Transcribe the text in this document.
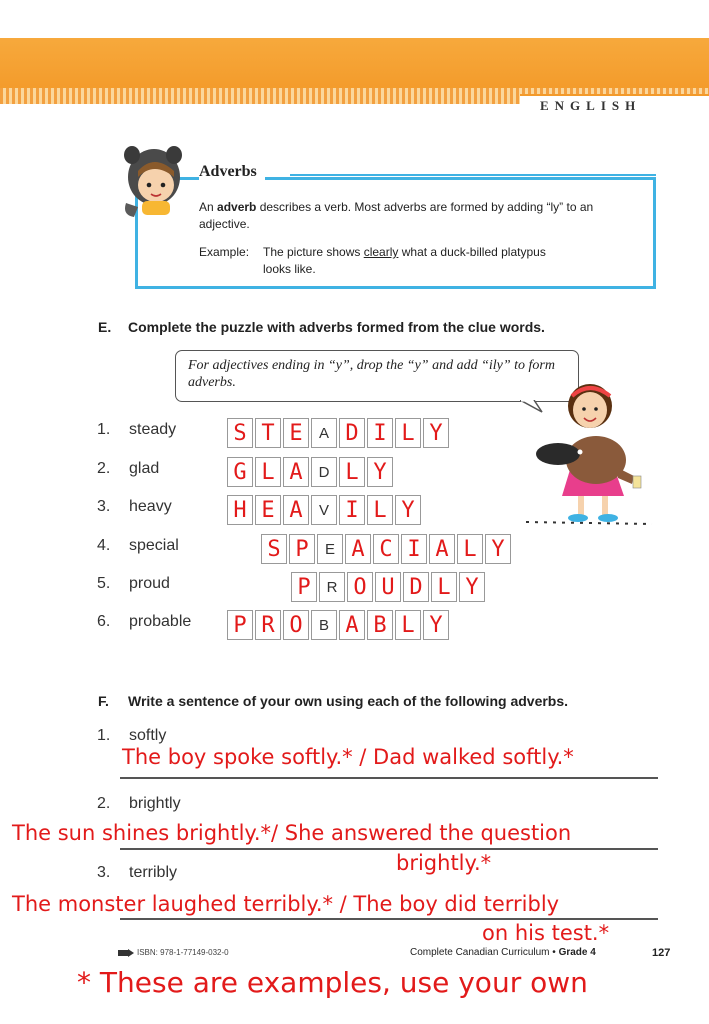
ENGLISH
Adverbs
An adverb describes a verb. Most adverbs are formed by adding “ly” to an adjective.
Example: The picture shows clearly what a duck-billed platypus
looks like.
E. Complete the puzzle with adverbs formed from the clue words.
For adjectives ending in “y”, drop the “y” and add “ily” to form adverbs.
1. steady
2. glad
3. heavy
4. special
5. proud
6. probable
S T E	A D I L Y
G L A	D L Y
H E A	V I L Y
S P	E A C I A L Y
P	R O U D L Y
P R O	B A B L Y
F. Write a sentence of your own using each of the following adverbs.
1. softly
The boy spoke softly.* / Dad walked softly.*
2. brightly
The sun shines brightly.*/ She answered the question
brightly.*
3. terribly
The monster laughed terribly.* / The boy did terribly
on his test.*
ISBN: 978-1-77149-032-0	Complete Canadian Curriculum • Grade 4	127
* These are examples, use your own
